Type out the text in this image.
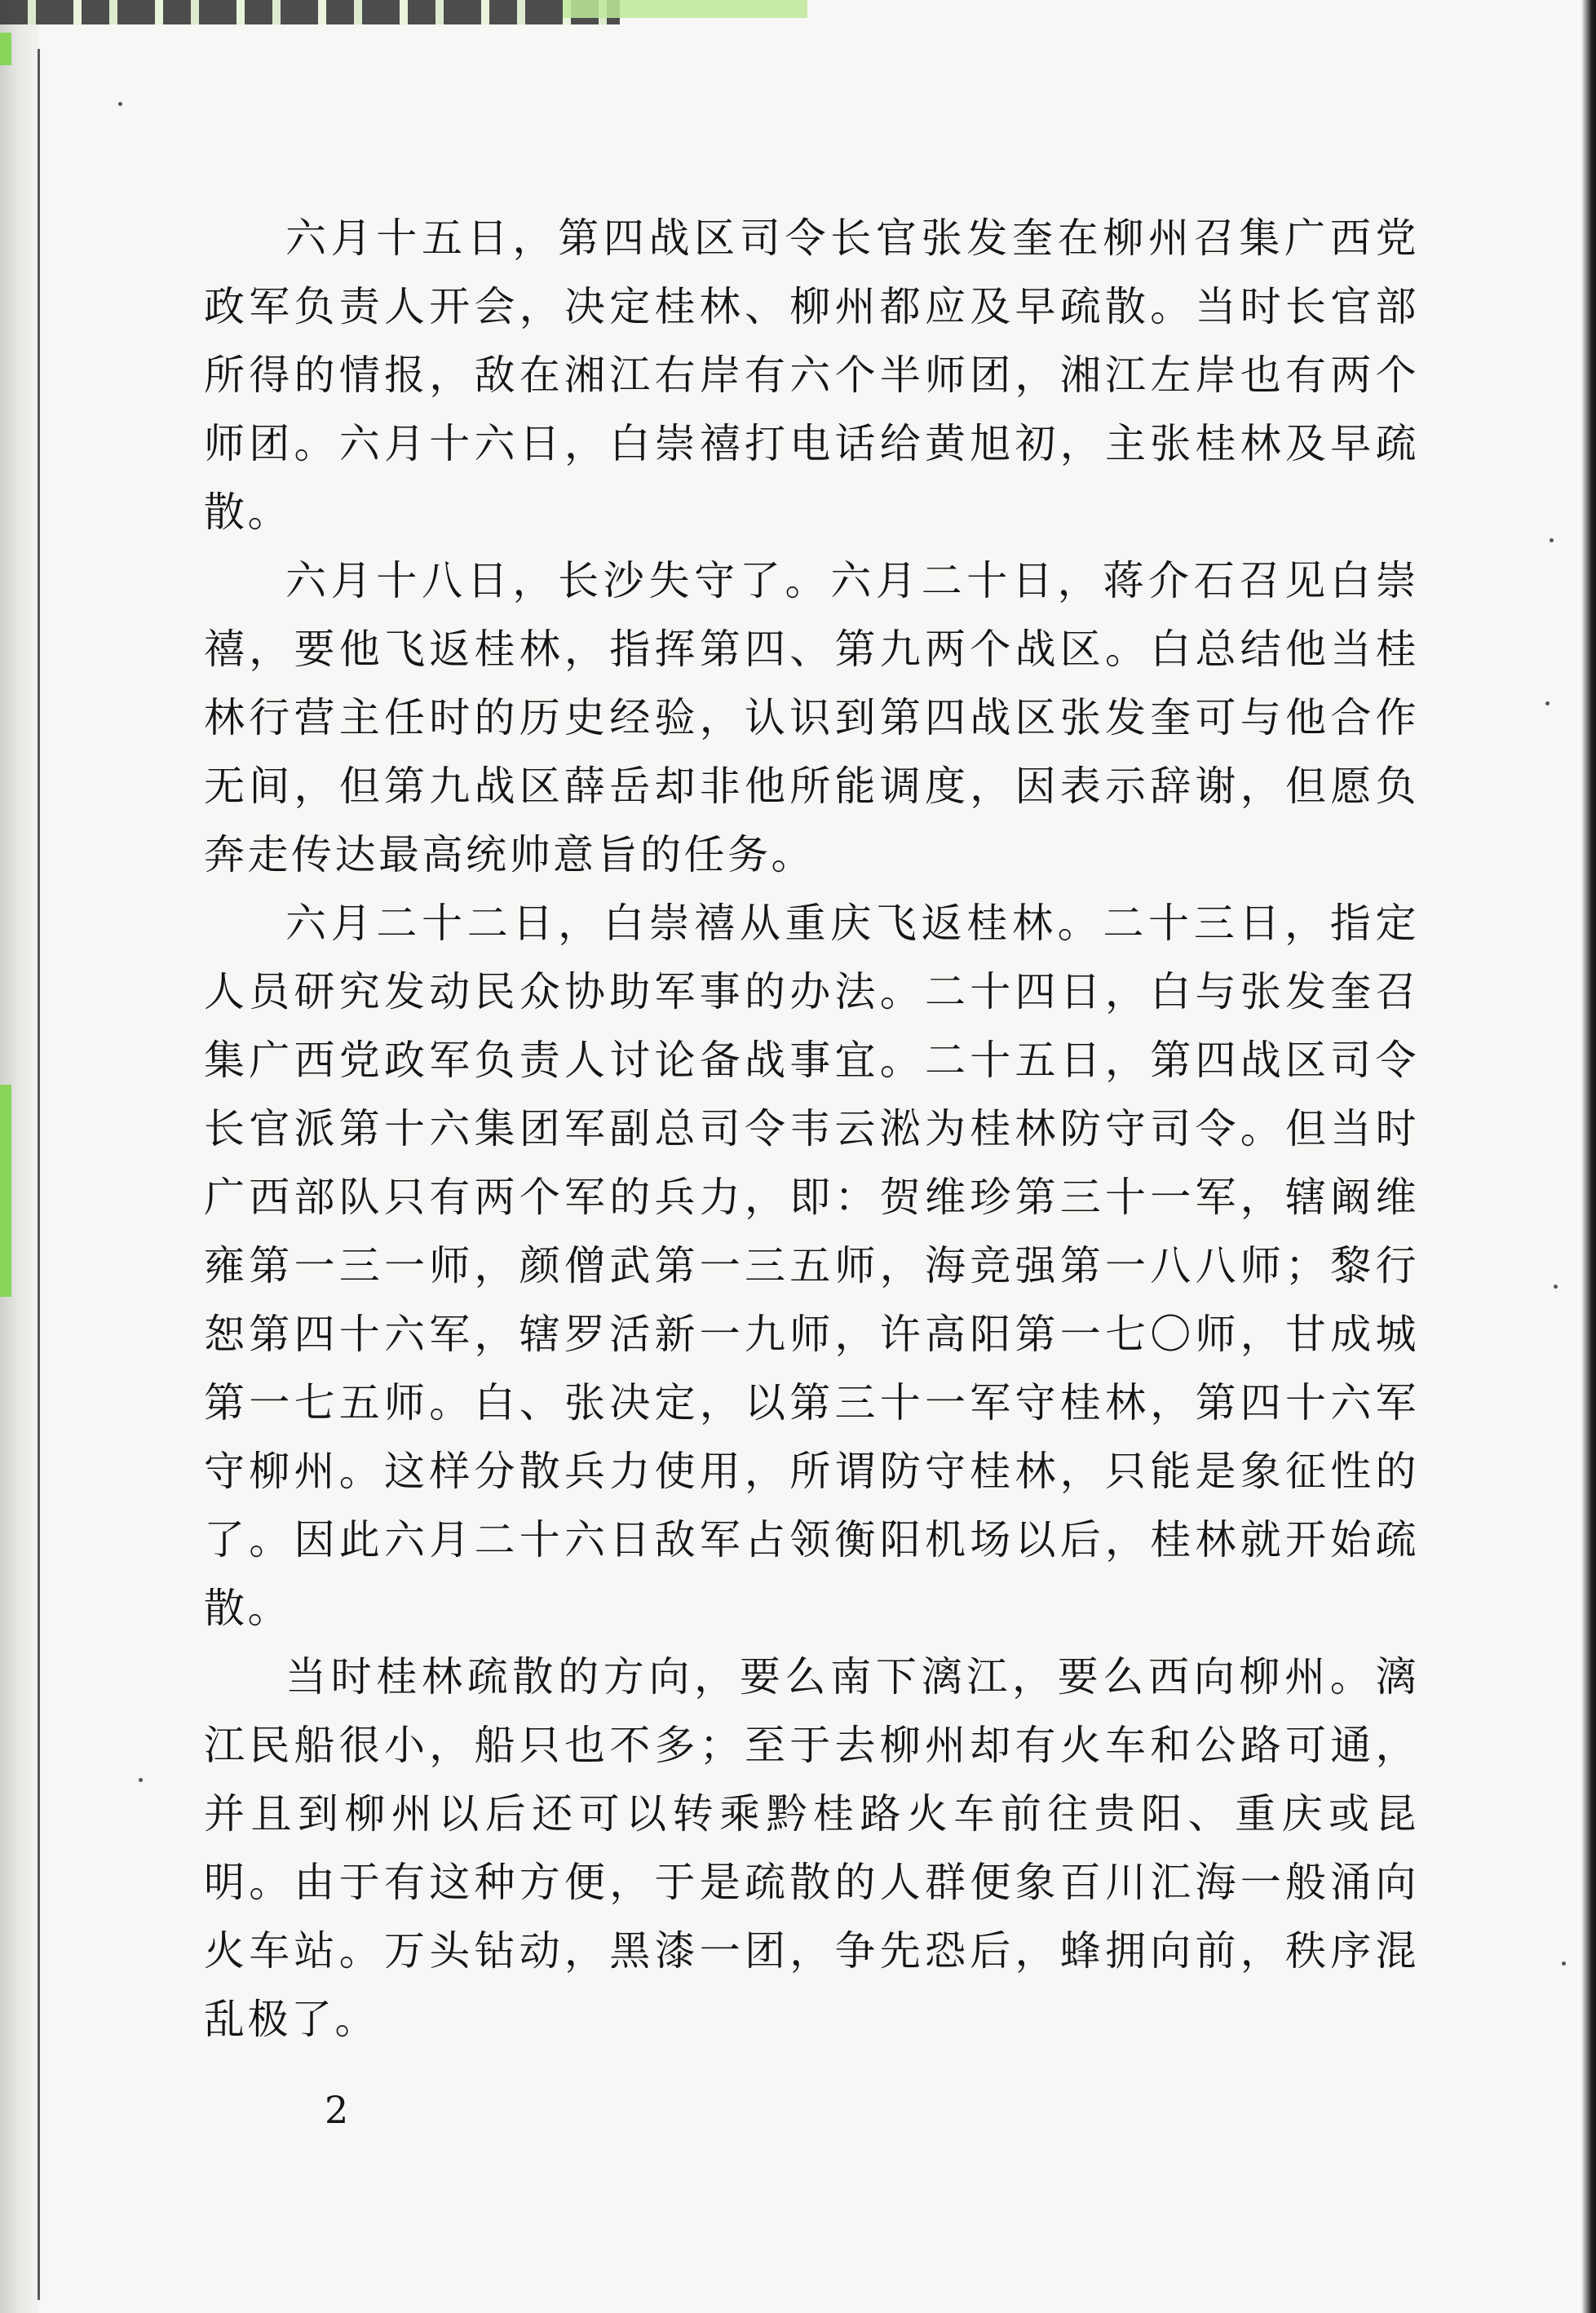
六月十五日，第四战区司令长官张发奎在柳州召集广西党政军负责人开会，决定桂林、柳州都应及早疏散。当时长官部所得的情报，敌在湘江右岸有六个半师团，湘江左岸也有两个师团。六月十六日，白崇禧打电话给黄旭初，主张桂林及早疏散。

六月十八日，长沙失守了。六月二十日，蒋介石召见白崇禧，要他飞返桂林，指挥第四、第九两个战区。白总结他当桂林行营主任时的历史经验，认识到第四战区张发奎可与他合作无间，但第九战区薛岳却非他所能调度，因表示辞谢，但愿负奔走传达最高统帅意旨的任务。

六月二十二日，白崇禧从重庆飞返桂林。二十三日，指定人员研究发动民众协助军事的办法。二十四日，白与张发奎召集广西党政军负责人讨论备战事宜。二十五日，第四战区司令长官派第十六集团军副总司令韦云淞为桂林防守司令。但当时广西部队只有两个军的兵力，即：贺维珍第三十一军，辖阚维雍第一三一师，颜僧武第一三五师，海竞强第一八八师；黎行恕第四十六军，辖罗活新一九师，许高阳第一七〇师，甘成城第一七五师。白、张决定，以第三十一军守桂林，第四十六军守柳州。这样分散兵力使用，所谓防守桂林，只能是象征性的了。因此六月二十六日敌军占领衡阳机场以后，桂林就开始疏散。

当时桂林疏散的方向，要么南下漓江，要么西向柳州。漓江民船很小，船只也不多；至于去柳州却有火车和公路可通，并且到柳州以后还可以转乘黔桂路火车前往贵阳、重庆或昆明。由于有这种方便，于是疏散的人群便象百川汇海一般涌向火车站。万头钻动，黑漆一团，争先恐后，蜂拥向前，秩序混乱极了。

2
